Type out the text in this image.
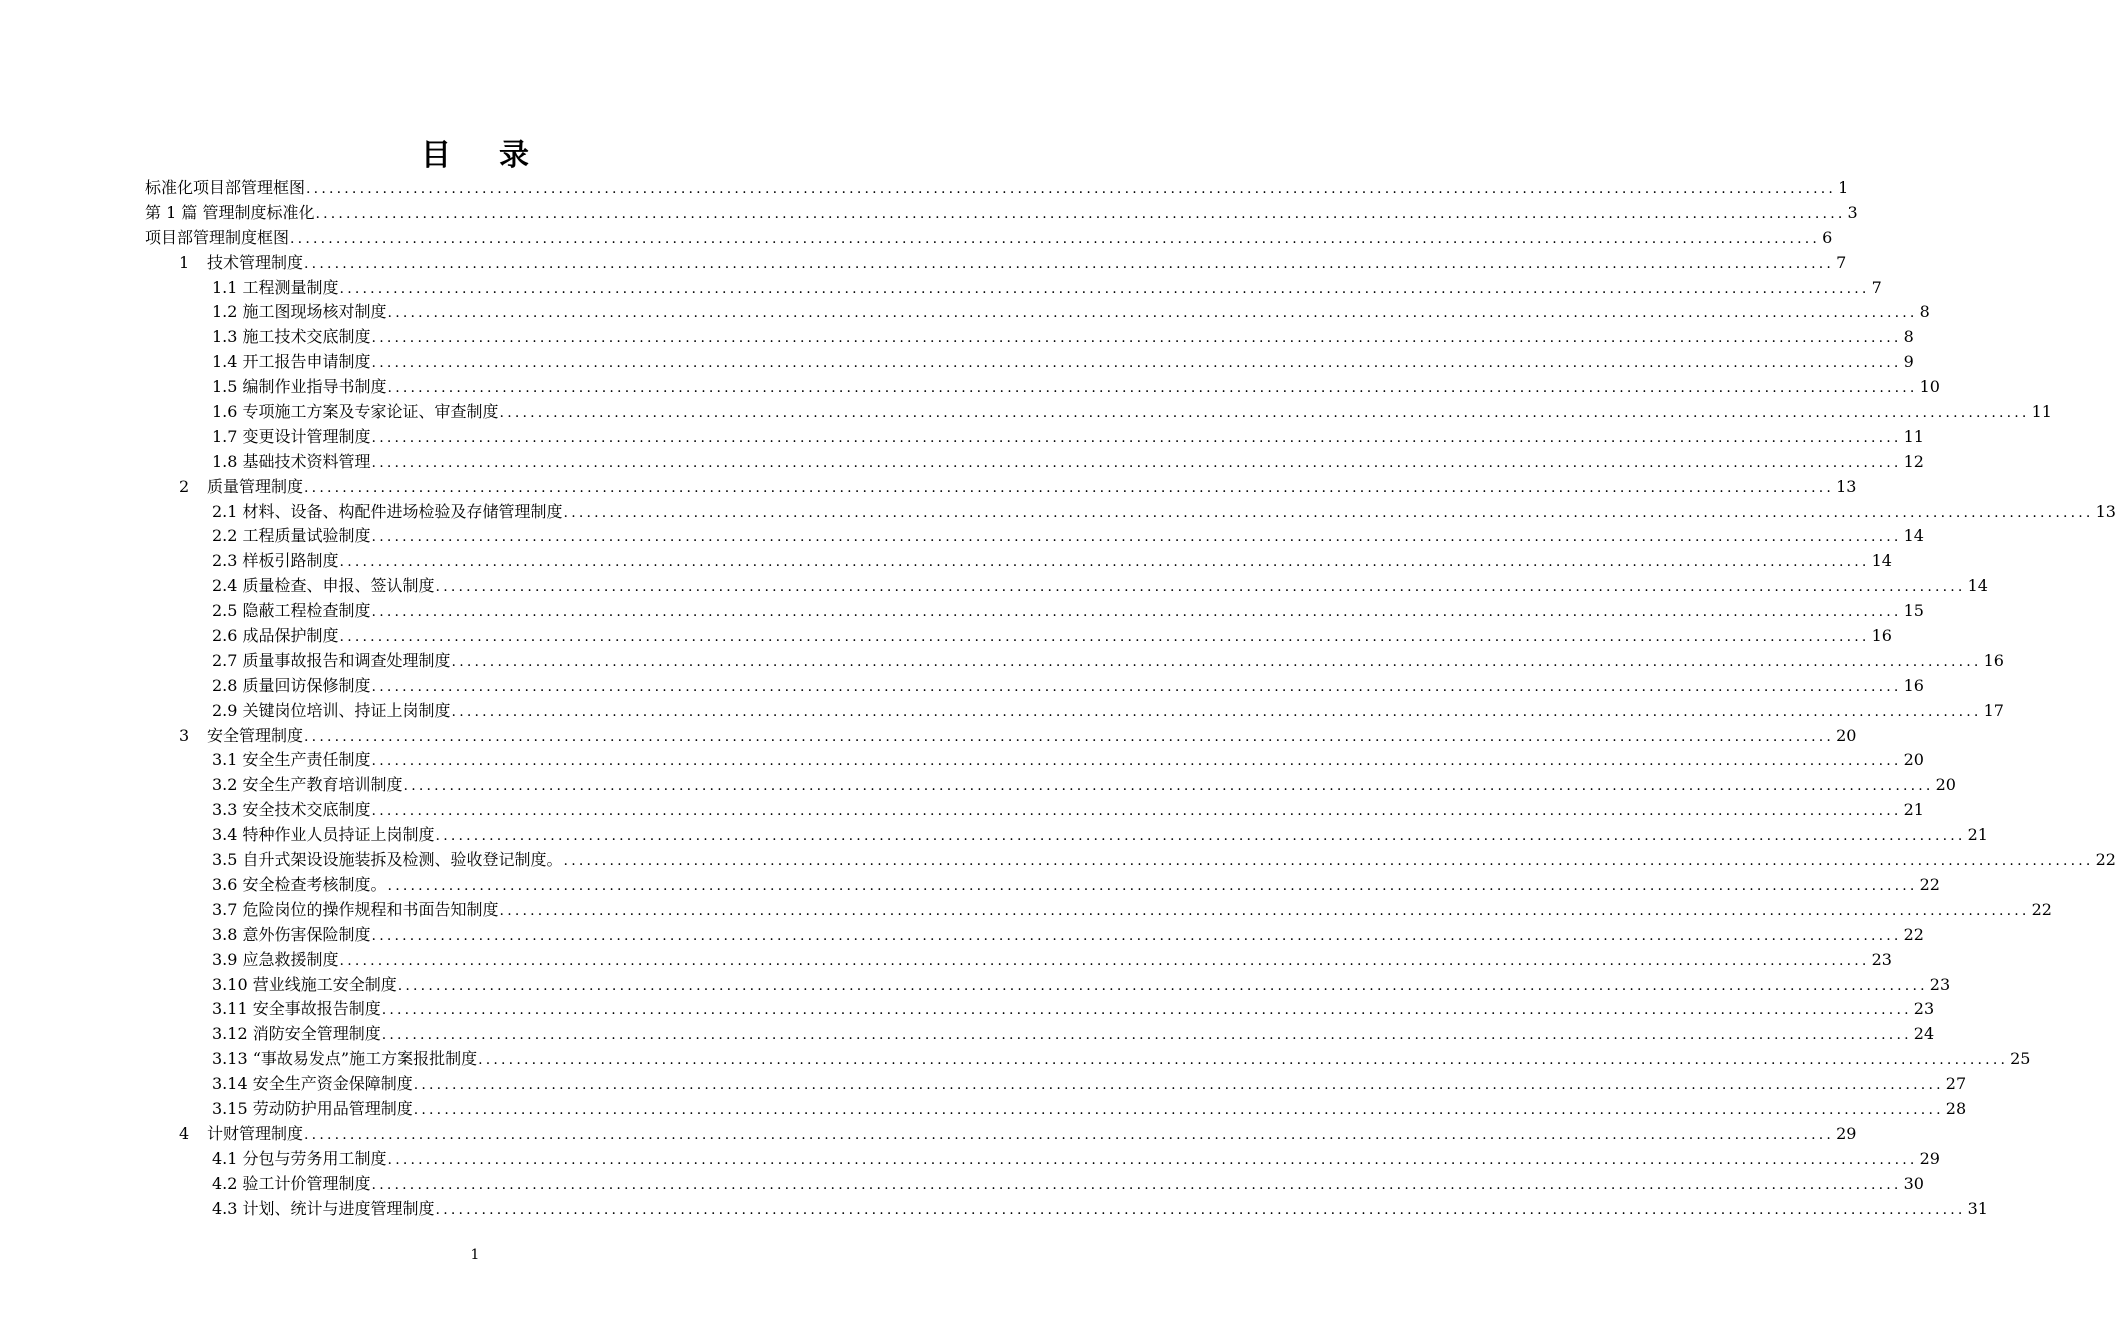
目 录
标准化项目部管理框图 ........................................................................................................................................................................................................ 1
第 1 篇 管理制度标准化 ........................................................................................................................................................................................................ 3
项目部管理制度框图 ........................................................................................................................................................................................................ 6
1 技术管理制度 ........................................................................................................................................................................................................ 7
1.1 工程测量制度 ........................................................................................................................................................................................................ 7
1.2 施工图现场核对制度 ........................................................................................................................................................................................................ 8
1.3 施工技术交底制度 ........................................................................................................................................................................................................ 8
1.4 开工报告申请制度 ........................................................................................................................................................................................................ 9
1.5 编制作业指导书制度 ........................................................................................................................................................................................................ 10
1.6 专项施工方案及专家论证、审查制度 ........................................................................................................................................................................................................ 11
1.7 变更设计管理制度 ........................................................................................................................................................................................................ 11
1.8 基础技术资料管理 ........................................................................................................................................................................................................ 12
2 质量管理制度 ........................................................................................................................................................................................................ 13
2.1 材料、设备、构配件进场检验及存储管理制度 ........................................................................................................................................................................................................ 13
2.2 工程质量试验制度 ........................................................................................................................................................................................................ 14
2.3 样板引路制度 ........................................................................................................................................................................................................ 14
2.4 质量检查、申报、签认制度 ........................................................................................................................................................................................................ 14
2.5 隐蔽工程检查制度 ........................................................................................................................................................................................................ 15
2.6 成品保护制度 ........................................................................................................................................................................................................ 16
2.7 质量事故报告和调查处理制度 ........................................................................................................................................................................................................ 16
2.8 质量回访保修制度 ........................................................................................................................................................................................................ 16
2.9 关键岗位培训、持证上岗制度 ........................................................................................................................................................................................................ 17
3 安全管理制度 ........................................................................................................................................................................................................ 20
3.1 安全生产责任制度 ........................................................................................................................................................................................................ 20
3.2 安全生产教育培训制度 ........................................................................................................................................................................................................ 20
3.3 安全技术交底制度 ........................................................................................................................................................................................................ 21
3.4 特种作业人员持证上岗制度 ........................................................................................................................................................................................................ 21
3.5 自升式架设设施装拆及检测、验收登记制度。 ........................................................................................................................................................................................................ 22
3.6 安全检查考核制度。 ........................................................................................................................................................................................................ 22
3.7 危险岗位的操作规程和书面告知制度 ........................................................................................................................................................................................................ 22
3.8 意外伤害保险制度 ........................................................................................................................................................................................................ 22
3.9 应急救援制度 ........................................................................................................................................................................................................ 23
3.10 营业线施工安全制度 ........................................................................................................................................................................................................ 23
3.11 安全事故报告制度 ........................................................................................................................................................................................................ 23
3.12 消防安全管理制度 ........................................................................................................................................................................................................ 24
3.13 “事故易发点”施工方案报批制度 ........................................................................................................................................................................................................ 25
3.14 安全生产资金保障制度 ........................................................................................................................................................................................................ 27
3.15 劳动防护用品管理制度 ........................................................................................................................................................................................................ 28
4 计财管理制度 ........................................................................................................................................................................................................ 29
4.1 分包与劳务用工制度 ........................................................................................................................................................................................................ 29
4.2 验工计价管理制度 ........................................................................................................................................................................................................ 30
4.3 计划、统计与进度管理制度 ........................................................................................................................................................................................................ 31
1
